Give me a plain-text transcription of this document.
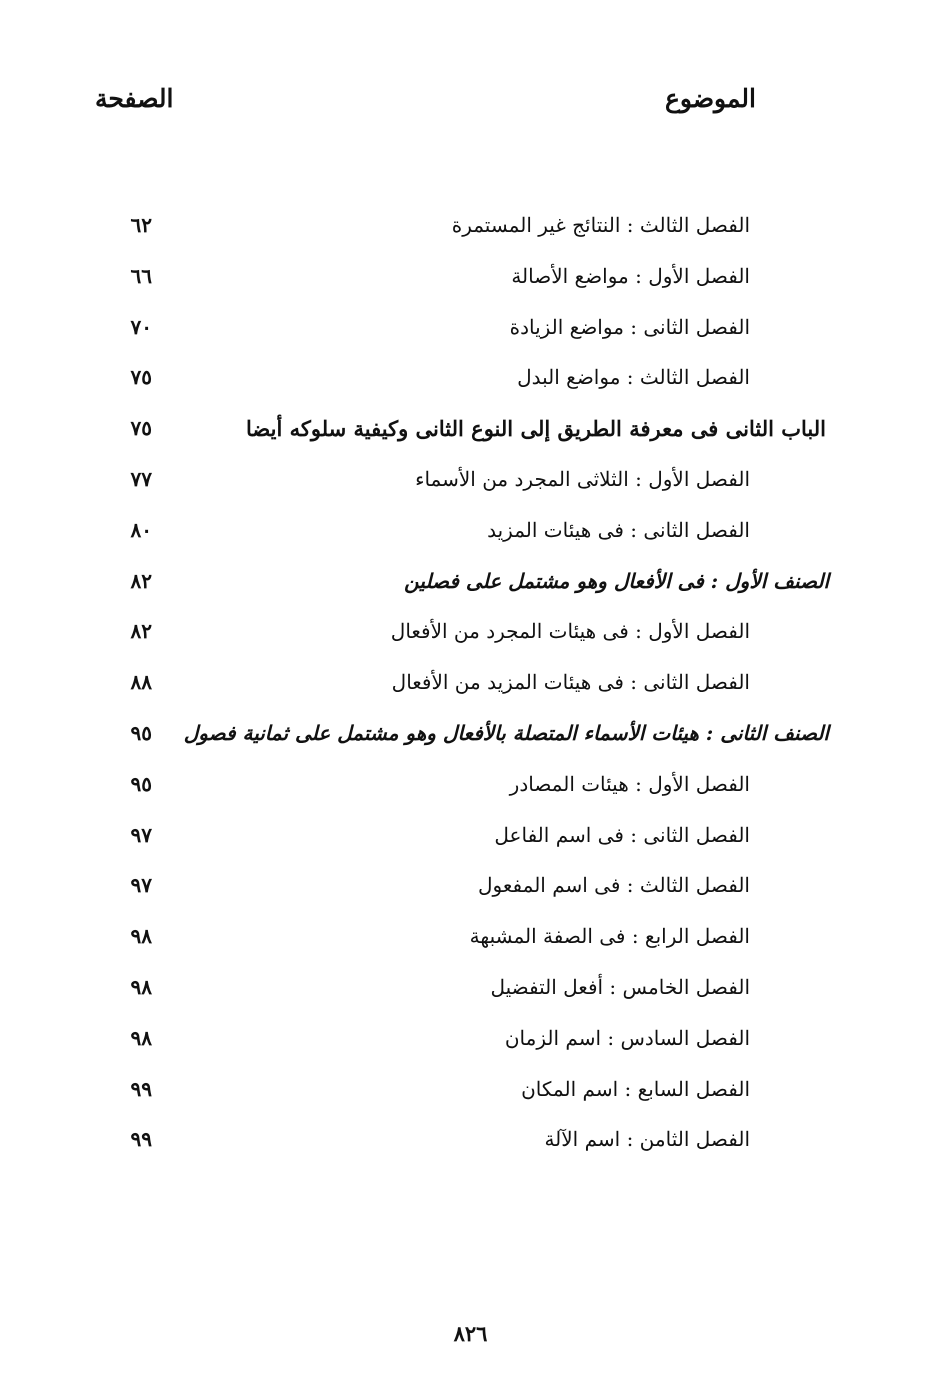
الموضوع
الصفحة
الفصل الثالث : النتائج غير المستمرة
٦٢
الفصل الأول : مواضع الأصالة
٦٦
الفصل الثانى : مواضع الزيادة
٧٠
الفصل الثالث : مواضع البدل
٧٥
الباب الثانى فى معرفة الطريق إلى النوع الثانى وكيفية سلوكه أيضا
٧٥
الفصل الأول : الثلاثى المجرد من الأسماء
٧٧
الفصل الثانى : فى هيئات المزيد
٨٠
الصنف الأول : فى الأفعال وهو مشتمل على فصلين
٨٢
الفصل الأول : فى هيئات المجرد من الأفعال
٨٢
الفصل الثانى : فى هيئات المزيد من الأفعال
٨٨
الصنف الثانى : هيئات الأسماء المتصلة بالأفعال وهو مشتمل على ثمانية فصول
٩٥
الفصل الأول : هيئات المصادر
٩٥
الفصل الثانى : فى اسم الفاعل
٩٧
الفصل الثالث : فى اسم المفعول
٩٧
الفصل الرابع : فى الصفة المشبهة
٩٨
الفصل الخامس : أفعل التفضيل
٩٨
الفصل السادس : اسم الزمان
٩٨
الفصل السابع : اسم المكان
٩٩
الفصل الثامن : اسم الآلة
٩٩
٨٢٦
